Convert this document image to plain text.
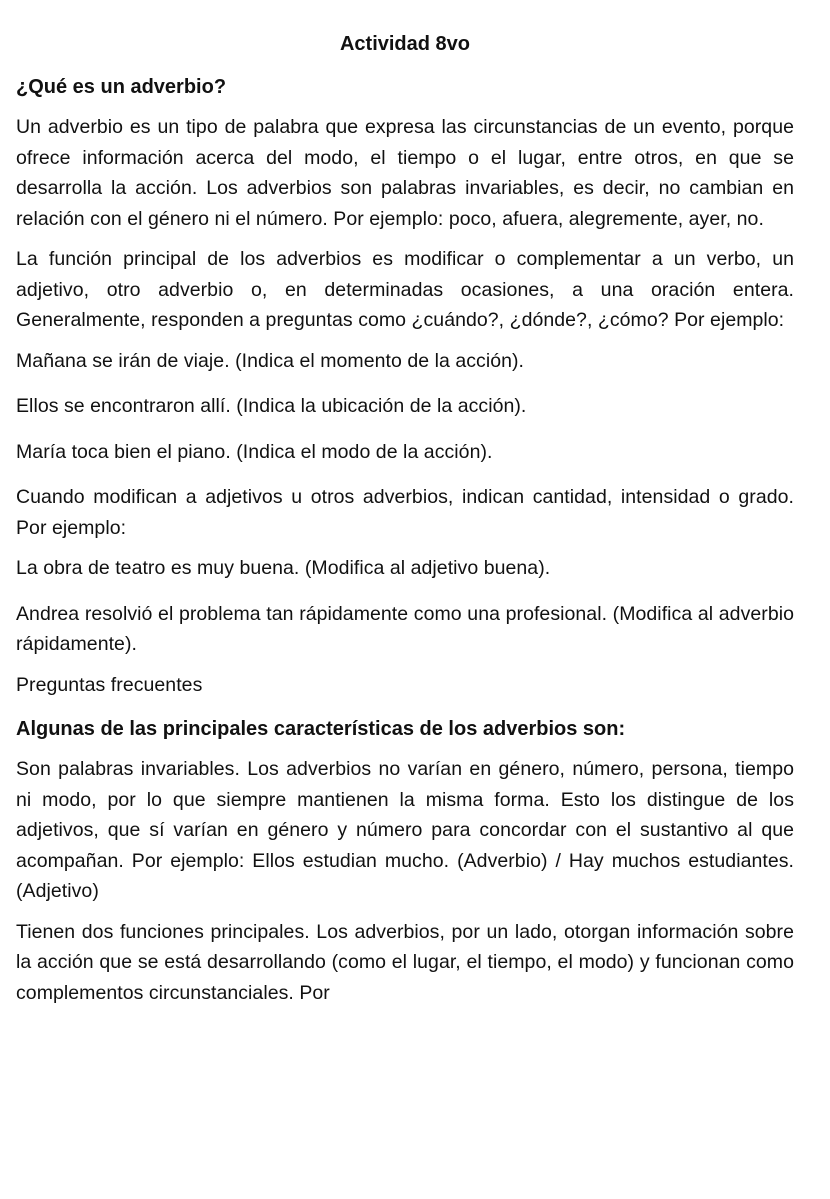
Actividad 8vo
¿Qué es un adverbio?
Un adverbio es un tipo de palabra que expresa las circunstancias de un evento, porque ofrece información acerca del modo, el tiempo o el lugar, entre otros, en que se desarrolla la acción. Los adverbios son palabras invariables, es decir, no cambian en relación con el género ni el número. Por ejemplo: poco, afuera, alegremente, ayer, no.
La función principal de los adverbios es modificar o complementar a un verbo, un adjetivo, otro adverbio o, en determinadas ocasiones, a una oración entera. Generalmente, responden a preguntas como ¿cuándo?, ¿dónde?, ¿cómo? Por ejemplo:
Mañana se irán de viaje. (Indica el momento de la acción).
Ellos se encontraron allí. (Indica la ubicación de la acción).
María toca bien el piano. (Indica el modo de la acción).
Cuando modifican a adjetivos u otros adverbios, indican cantidad, intensidad o grado. Por ejemplo:
La obra de teatro es muy buena. (Modifica al adjetivo buena).
Andrea resolvió el problema tan rápidamente como una profesional. (Modifica al adverbio rápidamente).
Preguntas frecuentes
Algunas de las principales características de los adverbios son:
Son palabras invariables. Los adverbios no varían en género, número, persona, tiempo ni modo, por lo que siempre mantienen la misma forma. Esto los distingue de los adjetivos, que sí varían en género y número para concordar con el sustantivo al que acompañan. Por ejemplo: Ellos estudian mucho. (Adverbio) / Hay muchos estudiantes. (Adjetivo)
Tienen dos funciones principales. Los adverbios, por un lado, otorgan información sobre la acción que se está desarrollando (como el lugar, el tiempo, el modo) y funcionan como complementos circunstanciales. Por
